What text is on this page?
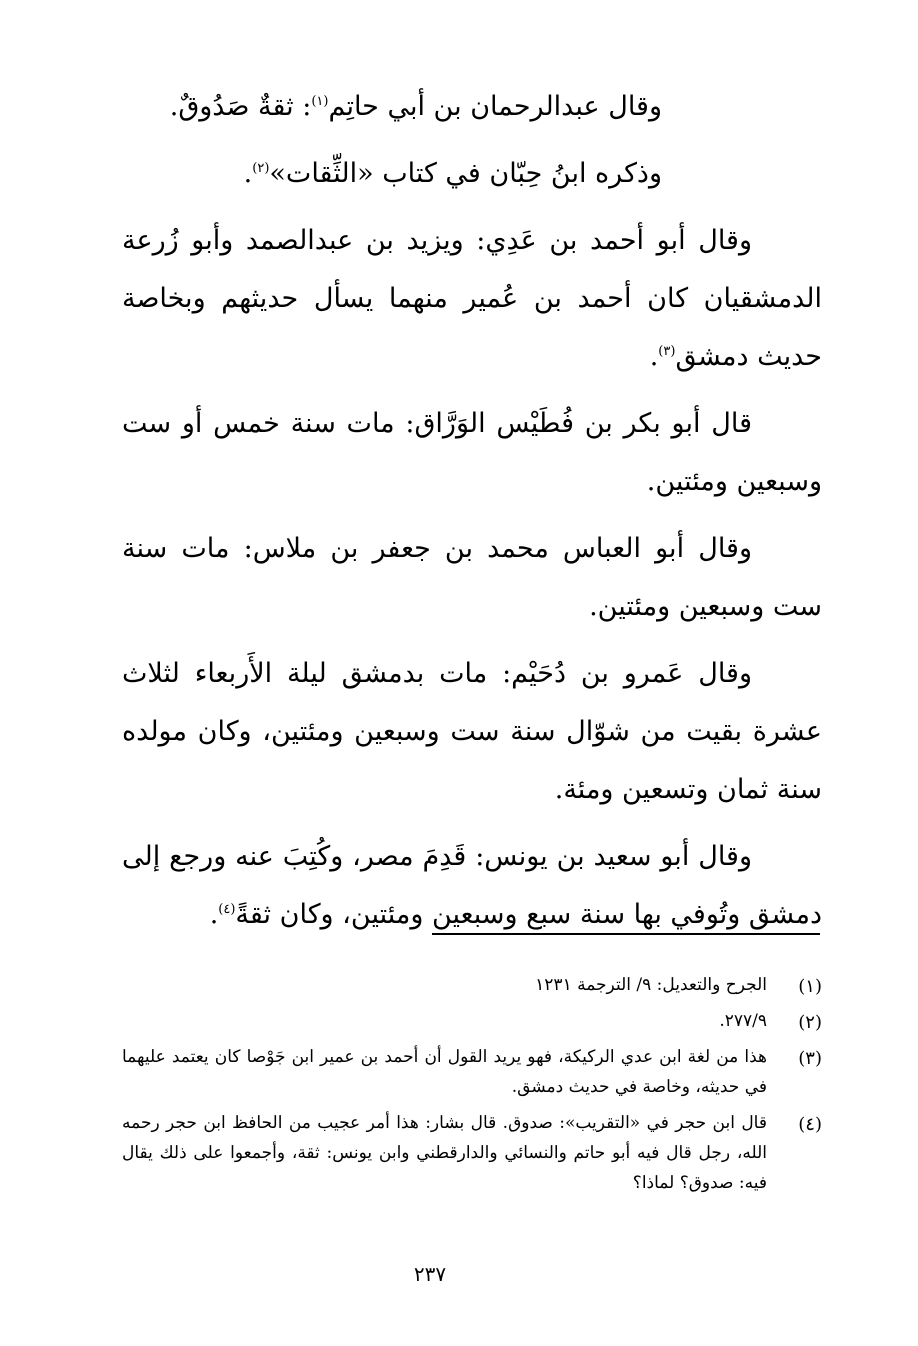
وقال عبدالرحمان بن أبي حاتِم$^{(١)}$: ثقةٌ صَدُوقٌ.

وذكره ابنُ حِبّان في كتاب «الثِّقات»$^{(٢)}$.

وقال أبو أحمد بن عَدِي: ويزيد بن عبدالصمد وأبو زُرعة الدمشقيان كان أحمد بن عُمير منهما يسأل حديثهم وبخاصة حديث دمشق$^{(٣)}$.

قال أبو بكر بن فُطَيْس الوَرَّاق: مات سنة خمس أو ست وسبعين ومئتين.

وقال أبو العباس محمد بن جعفر بن ملاس: مات سنة ست وسبعين ومئتين.

وقال عَمرو بن دُحَيْم: مات بدمشق ليلة الأَربعاء لثلاث عشرة بقيت من شوّال سنة ست وسبعين ومئتين، وكان مولده سنة ثمان وتسعين ومئة.

وقال أبو سعيد بن يونس: قَدِمَ مصر، وكُتِبَ عنه ورجع إلى دمشق وتُوفي بها سنة سبع وسبعين ومئتين، وكان ثقةً$^{(٤)}$.

(١)
الجرح والتعديل: ٩/ الترجمة ١٢٣١
(٢)
٢٧٧/٩.
(٣)
هذا من لغة ابن عدي الركيكة، فهو يريد القول أن أحمد بن عمير ابن جَوْصا كان يعتمد عليهما في حديثه، وخاصة في حديث دمشق.
(٤)
قال ابن حجر في «التقريب»: صدوق. قال بشار: هذا أمر عجيب من الحافظ ابن حجر رحمه الله، رجل قال فيه أبو حاتم والنسائي والدارقطني وابن يونس: ثقة، وأجمعوا على ذلك يقال فيه: صدوق؟ لماذا؟
٢٣٧
